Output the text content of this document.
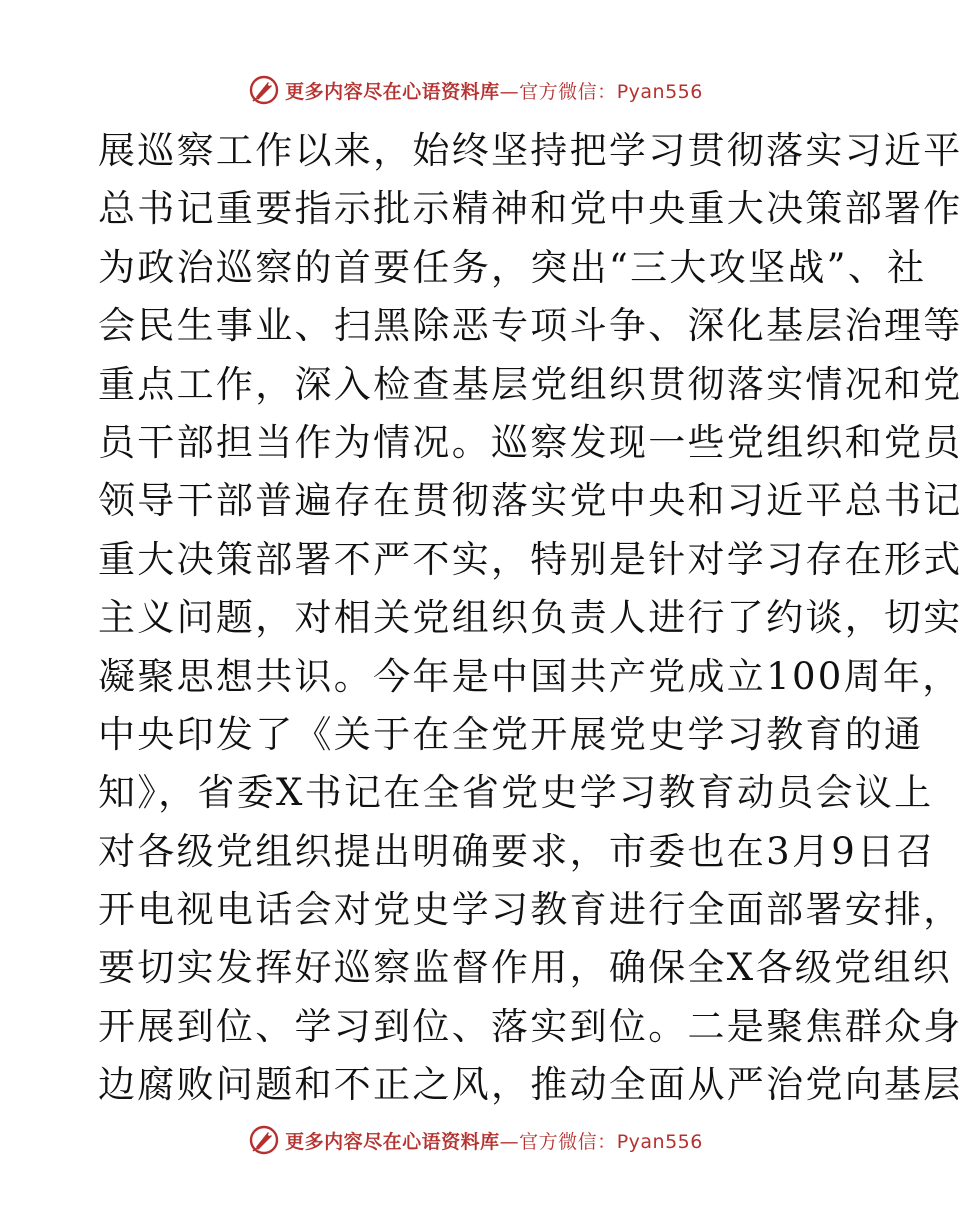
更多内容尽在心语资料库—官方微信：Pyan556
展巡察工作以来，始终坚持把学习贯彻落实习近平
总书记重要指示批示精神和党中央重大决策部署作
为政治巡察的首要任务，突出“三大攻坚战”、社
会民生事业、扫黑除恶专项斗争、深化基层治理等
重点工作，深入检查基层党组织贯彻落实情况和党
员干部担当作为情况。巡察发现一些党组织和党员
领导干部普遍存在贯彻落实党中央和习近平总书记
重大决策部署不严不实，特别是针对学习存在形式
主义问题，对相关党组织负责人进行了约谈，切实
凝聚思想共识。今年是中国共产党成立100周年，
中央印发了《关于在全党开展党史学习教育的通
知》，省委X书记在全省党史学习教育动员会议上
对各级党组织提出明确要求，市委也在3月9日召
开电视电话会对党史学习教育进行全面部署安排，
要切实发挥好巡察监督作用，确保全X各级党组织
开展到位、学习到位、落实到位。二是聚焦群众身
边腐败问题和不正之风，推动全面从严治党向基层
更多内容尽在心语资料库—官方微信：Pyan556
